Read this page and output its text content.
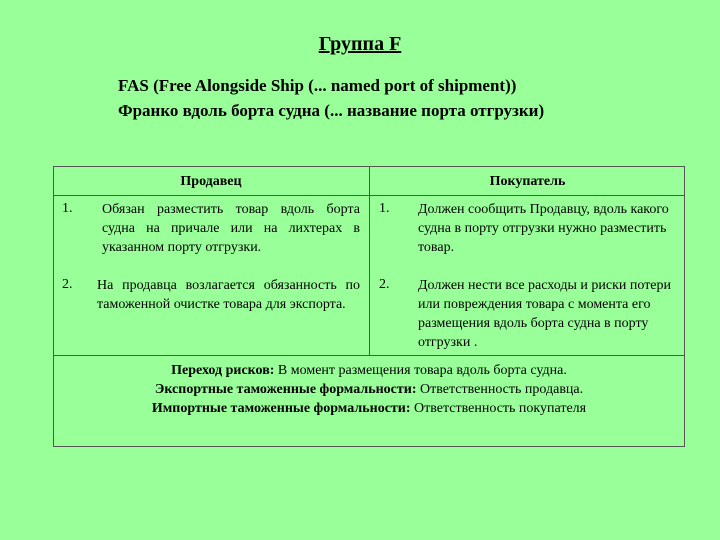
Группа F
FAS (Free Alongside Ship (... named port of shipment))
Франко вдоль борта судна (... название порта отгрузки)
Продавец	Покупатель
1. Обязан разместить товар вдоль борта судна на причале или на лихтерах в указанном порту отгрузки.
2. На продавца возлагается обязанность по таможенной очистке товара для экспорта.
1. Должен сообщить Продавцу, вдоль какого судна в порту отгрузки нужно разместить товар.
2. Должен нести все расходы и риски потери или повреждения товара с момента его размещения вдоль борта судна в порту отгрузки .
Переход рисков: В момент размещения товара вдоль борта судна.
Экспортные таможенные формальности: Ответственность продавца.
Импортные таможенные формальности: Ответственность покупателя
